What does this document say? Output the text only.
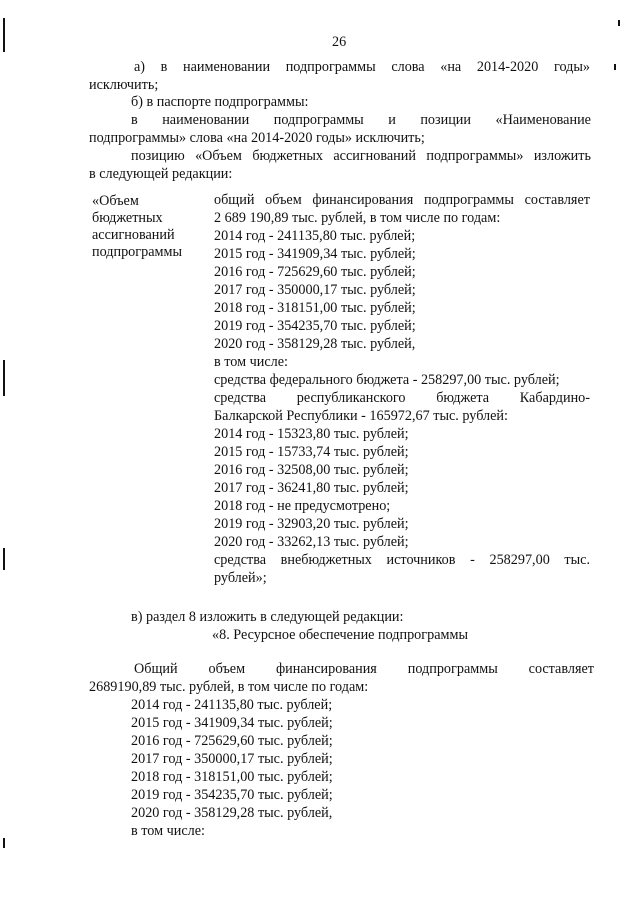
26
а) в наименовании подпрограммы слова «на 2014-2020 годы»
исключить;
б) в паспорте подпрограммы:
в наименовании подпрограммы и позиции «Наименование
подпрограммы» слова «на 2014-2020 годы» исключить;
позицию «Объем бюджетных ассигнований подпрограммы» изложить
в следующей редакции:
«Объем
бюджетных
ассигнований
подпрограммы
общий объем финансирования подпрограммы составляет
2 689 190,89 тыс. рублей, в том числе по годам:
2014 год - 241135,80 тыс. рублей;
2015 год - 341909,34 тыс. рублей;
2016 год - 725629,60 тыс. рублей;
2017 год - 350000,17 тыс. рублей;
2018 год - 318151,00 тыс. рублей;
2019 год - 354235,70 тыс. рублей;
2020 год - 358129,28 тыс. рублей,
в том числе:
средства федерального бюджета - 258297,00 тыс. рублей;
средства республиканского бюджета Кабардино-
Балкарской Республики - 165972,67 тыс. рублей:
2014 год - 15323,80 тыс. рублей;
2015 год - 15733,74 тыс. рублей;
2016 год - 32508,00 тыс. рублей;
2017 год - 36241,80 тыс. рублей;
2018 год - не предусмотрено;
2019 год - 32903,20 тыс. рублей;
2020 год - 33262,13 тыс. рублей;
средства внебюджетных источников - 258297,00 тыс.
рублей»;
в) раздел 8 изложить в следующей редакции:
«8. Ресурсное обеспечение подпрограммы
Общий объем финансирования подпрограммы составляет
2689190,89 тыс. рублей, в том числе по годам:
2014 год - 241135,80 тыс. рублей;
2015 год - 341909,34 тыс. рублей;
2016 год - 725629,60 тыс. рублей;
2017 год - 350000,17 тыс. рублей;
2018 год - 318151,00 тыс. рублей;
2019 год - 354235,70 тыс. рублей;
2020 год - 358129,28 тыс. рублей,
в том числе:
